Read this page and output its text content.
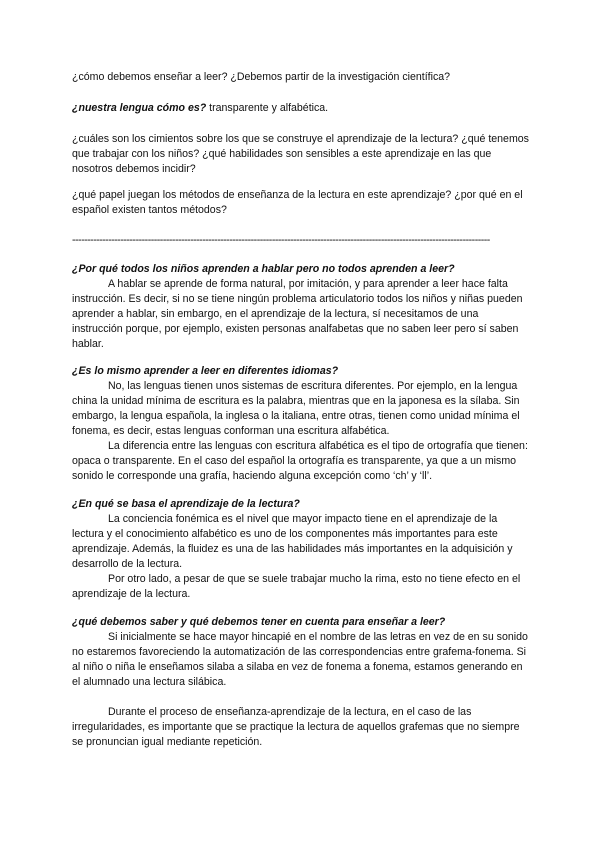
¿cómo debemos enseñar a leer? ¿Debemos partir de la investigación científica?

¿nuestra lengua cómo es? transparente y alfabética.

¿cuáles son los cimientos sobre los que se construye el aprendizaje de la lectura? ¿qué tenemos que trabajar con los niños? ¿qué habilidades son sensibles a este aprendizaje en las que nosotros debemos incidir?

¿qué papel juegan los métodos de enseñanza de la lectura en este aprendizaje? ¿por qué en el español existen tantos métodos?

------------------------------------------------------------------------------------------------------------------------------------------

¿Por qué todos los niños aprenden a hablar pero no todos aprenden a leer?

A hablar se aprende de forma natural, por imitación, y para aprender a leer hace falta instrucción. Es decir, si no se tiene ningún problema articulatorio todos los niños y niñas pueden aprender a hablar, sin embargo, en el aprendizaje de la lectura, sí necesitamos de una instrucción porque, por ejemplo, existen personas analfabetas que no saben leer pero sí saben hablar.

¿Es lo mismo aprender a leer en diferentes idiomas?

No, las lenguas tienen unos sistemas de escritura diferentes. Por ejemplo, en la lengua china la unidad mínima de escritura es la palabra, mientras que en la japonesa es la sílaba. Sin embargo, la lengua española, la inglesa o la italiana, entre otras, tienen como unidad mínima el fonema, es decir, estas lenguas conforman una escritura alfabética.

La diferencia entre las lenguas con escritura alfabética es el tipo de ortografía que tienen: opaca o transparente. En el caso del español la ortografía es transparente, ya que a un mismo sonido le corresponde una grafía, haciendo alguna excepción como ‘ch’ y ‘ll’.

¿En qué se basa el aprendizaje de la lectura?

La conciencia fonémica es el nivel que mayor impacto tiene en el aprendizaje de la lectura y el conocimiento alfabético es uno de los componentes más importantes para este aprendizaje. Además, la fluidez es una de las habilidades más importantes en la adquisición y desarrollo de la lectura.

Por otro lado, a pesar de que se suele trabajar mucho la rima, esto no tiene efecto en el aprendizaje de la lectura.

¿qué debemos saber y qué debemos tener en cuenta para enseñar a leer?

Si inicialmente se hace mayor hincapié en el nombre de las letras en vez de en su sonido no estaremos favoreciendo la automatización de las correspondencias entre grafema-fonema. Si al niño o niña le enseñamos silaba a silaba en vez de fonema a fonema, estamos generando en el alumnado una lectura silábica.

Durante el proceso de enseñanza-aprendizaje de la lectura, en el caso de las irregularidades, es importante que se practique la lectura de aquellos grafemas que no siempre se pronuncian igual mediante repetición.
